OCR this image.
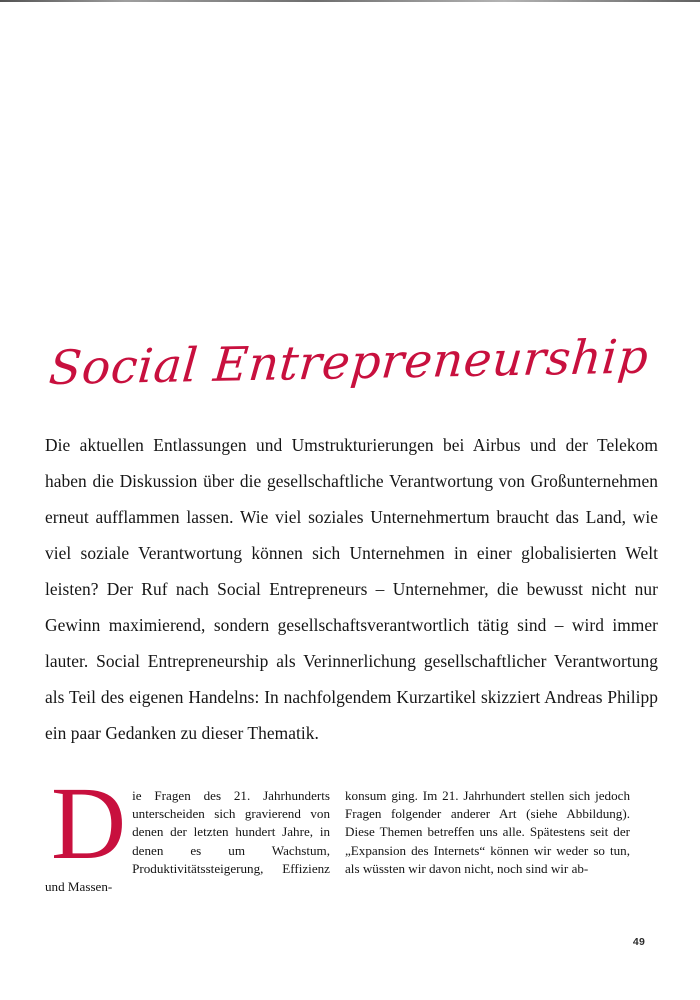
Social Entrepreneurship
Die aktuellen Entlassungen und Umstrukturierungen bei Airbus und der Telekom haben die Diskussion über die gesellschaftliche Verantwortung von Großunternehmen erneut aufflammen lassen. Wie viel soziales Unternehmertum braucht das Land, wie viel soziale Verantwortung können sich Unternehmen in einer globalisierten Welt leisten? Der Ruf nach Social Entrepreneurs – Unternehmer, die bewusst nicht nur Gewinn maximierend, sondern gesellschaftsverantwortlich tätig sind – wird immer lauter. Social Entrepreneurship als Verinnerlichung gesellschaftlicher Verantwortung als Teil des eigenen Handelns: In nachfolgendem Kurzartikel skizziert Andreas Philipp ein paar Gedanken zu dieser Thematik.
D ie Fragen des 21. Jahrhunderts unterscheiden sich gravierend von denen der letzten hundert Jahre, in denen es um Wachstum, Produktivitätssteigerung, Effizienz und Massen-

konsum ging. Im 21. Jahrhundert stellen sich jedoch Fragen folgender anderer Art (siehe Abbildung). Diese Themen betreffen uns alle. Spätestens seit der „Expansion des Internets“ können wir weder so tun, als wüssten wir davon nicht, noch sind wir ab-

49
